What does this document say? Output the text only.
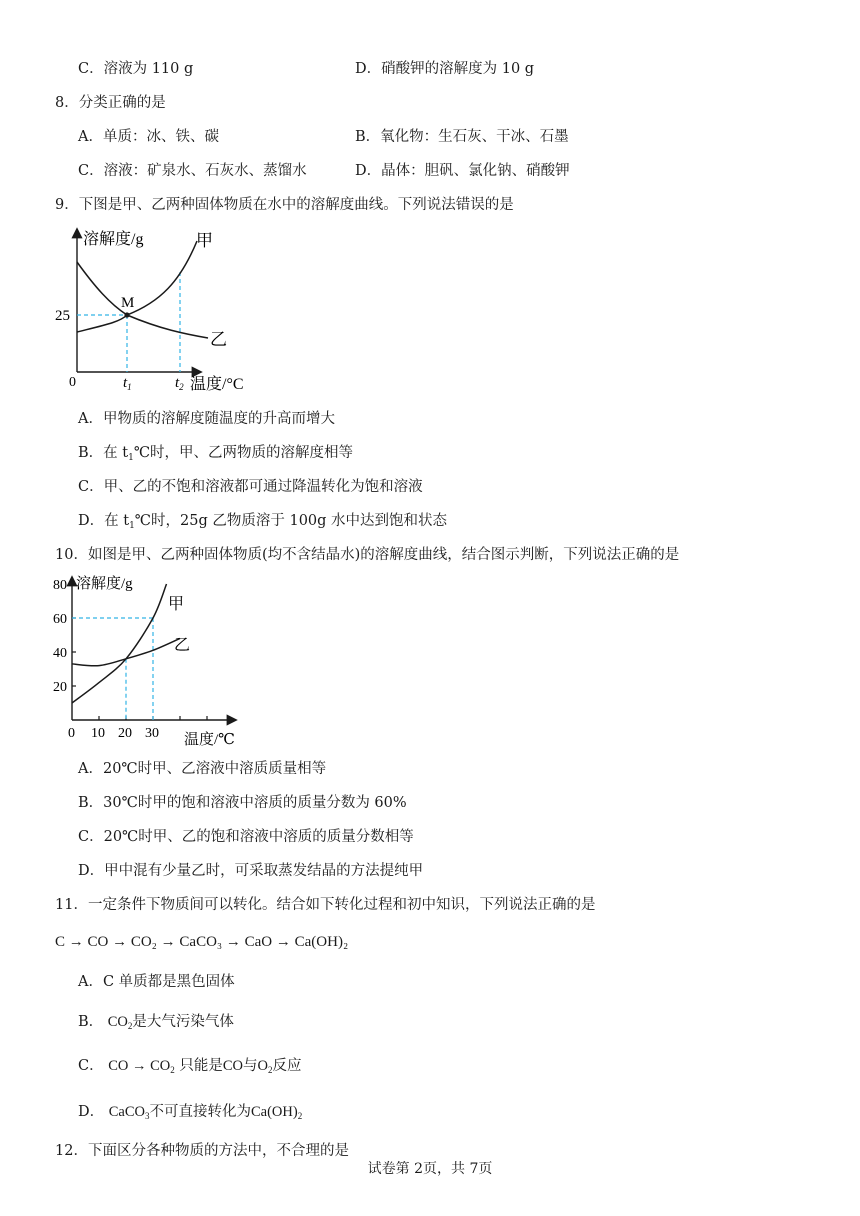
C．溶液为 110 g	D．硝酸钾的溶解度为 10 g
8．分类正确的是
A．单质：冰、铁、碳	B．氧化物：生石灰、干冰、石墨
C．溶液：矿泉水、石灰水、蒸馏水	D．晶体：胆矾、氯化钠、硝酸钾
9．下图是甲、乙两种固体物质在水中的溶解度曲线。下列说法错误的是
溶解度/g
温度/°C
0
25
M
甲
乙
$t_1$	$t_2$
A．甲物质的溶解度随温度的升高而增大
B．在 $t_1℃$时，甲、乙两物质的溶解度相等
C．甲、乙的不饱和溶液都可通过降温转化为饱和溶液
D．在 $t_1℃$时，25g 乙物质溶于 100g 水中达到饱和状态
10．如图是甲、乙两种固体物质(均不含结晶水)的溶解度曲线，结合图示判断，下列说法正确的是
溶解度/g
温度/℃
20
40
60
80
0 10 20 30
甲
乙
A．20℃时甲、乙溶液中溶质质量相等
B．30℃时甲的饱和溶液中溶质的质量分数为 60%
C．20℃时甲、乙的饱和溶液中溶质的质量分数相等
D．甲中混有少量乙时，可采取蒸发结晶的方法提纯甲
11．一定条件下物质间可以转化。结合如下转化过程和初中知识，下列说法正确的是
C → CO → CO₂ → CaCO₃ → CaO → Ca(OH)₂
A．C 单质都是黑色固体
B． $CO_2$是大气污染气体
C． CO → $CO_2$ 只能是CO与$O_2$反应
D． CaCO$_3$不可直接转化为$Ca(OH)_2$
12．下面区分各种物质的方法中，不合理的是
试卷第 2页，共 7页
